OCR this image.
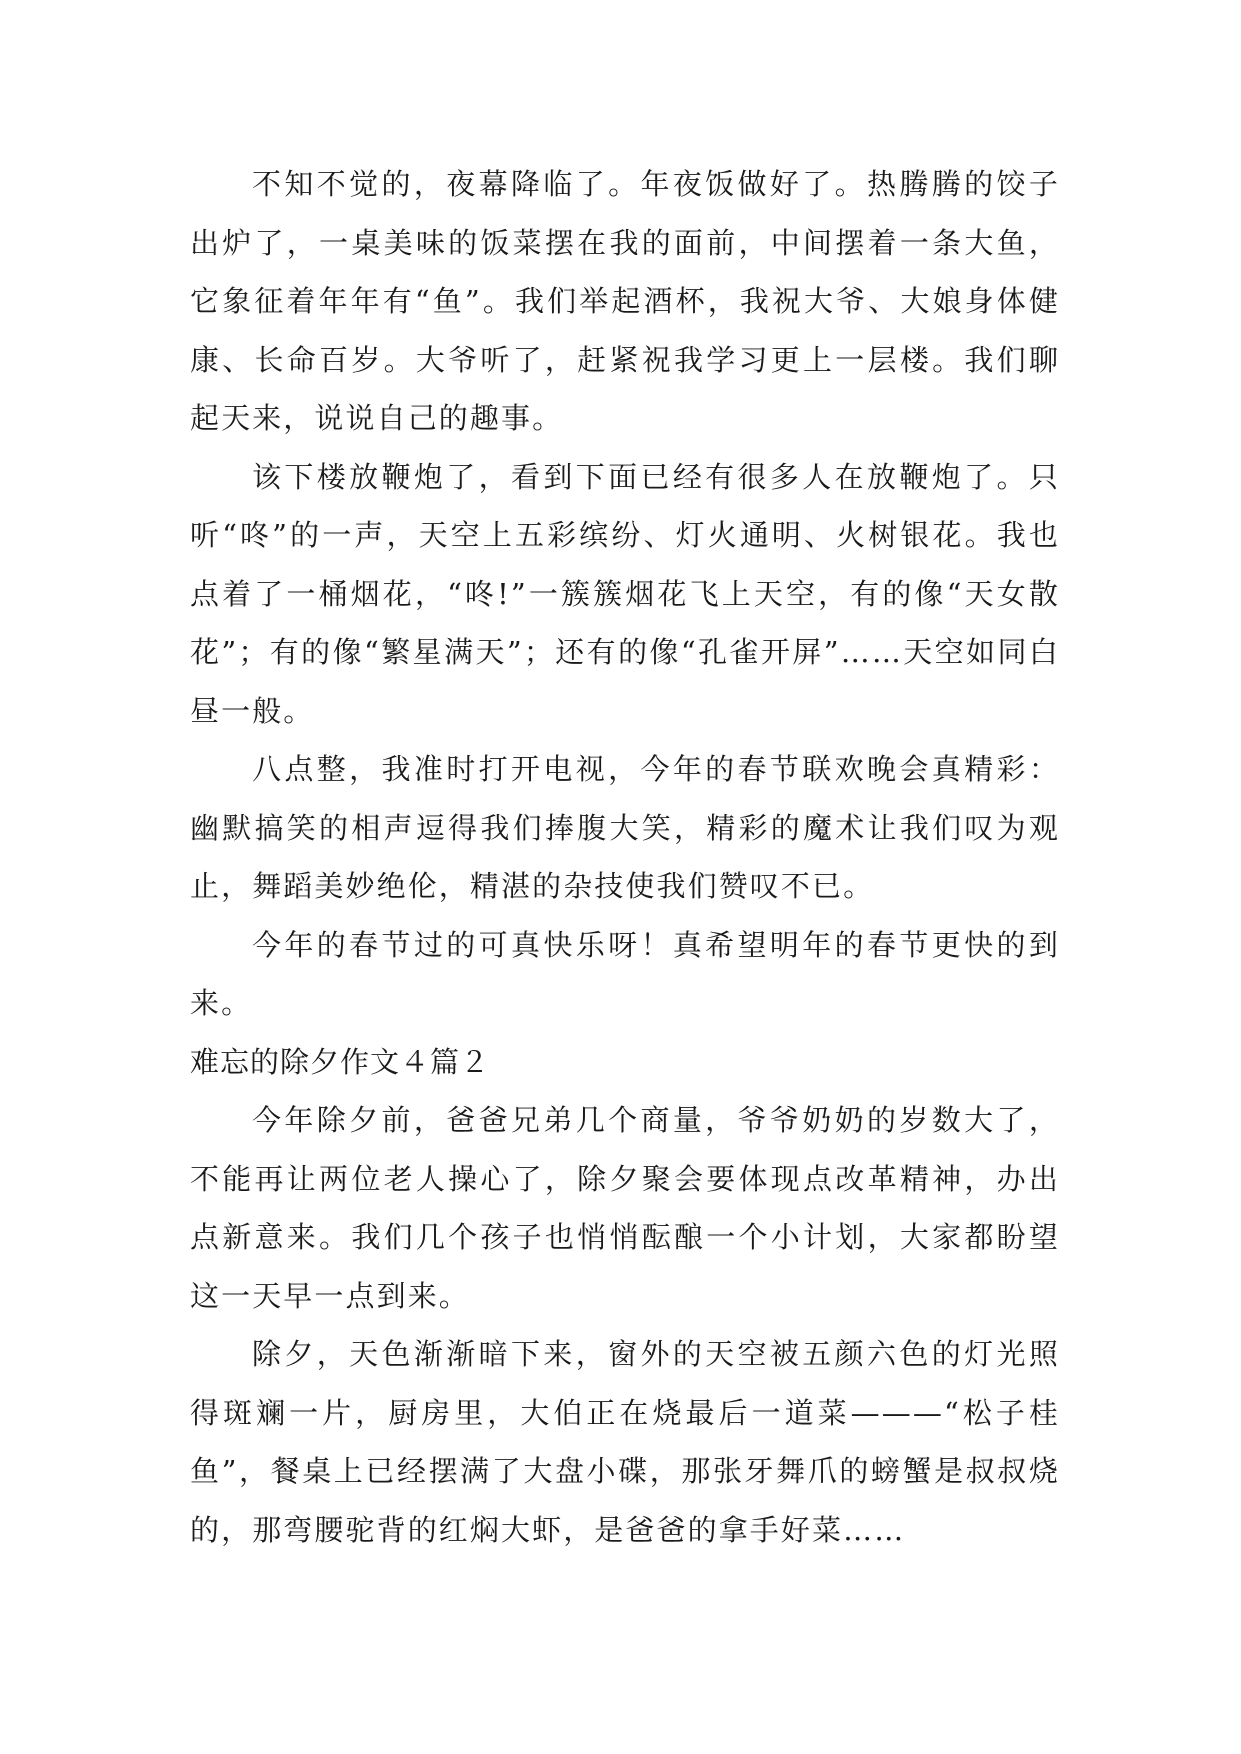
不知不觉的，夜幕降临了。年夜饭做好了。热腾腾的饺子出炉了，一桌美味的饭菜摆在我的面前，中间摆着一条大鱼，它象征着年年有“鱼”。我们举起酒杯，我祝大爷、大娘身体健康、长命百岁。大爷听了，赶紧祝我学习更上一层楼。我们聊起天来，说说自己的趣事。

该下楼放鞭炮了，看到下面已经有很多人在放鞭炮了。只听“咚”的一声，天空上五彩缤纷、灯火通明、火树银花。我也点着了一桶烟花，“咚!”一簇簇烟花飞上天空，有的像“天女散花”；有的像“繁星满天”；还有的像“孔雀开屏”……天空如同白昼一般。

八点整，我准时打开电视，今年的春节联欢晚会真精彩：幽默搞笑的相声逗得我们捧腹大笑，精彩的魔术让我们叹为观止，舞蹈美妙绝伦，精湛的杂技使我们赞叹不已。

今年的春节过的可真快乐呀！真希望明年的春节更快的到来。

难忘的除夕作文４篇２

今年除夕前，爸爸兄弟几个商量，爷爷奶奶的岁数大了，不能再让两位老人操心了，除夕聚会要体现点改革精神，办出点新意来。我们几个孩子也悄悄酝酿一个小计划，大家都盼望这一天早一点到来。

除夕，天色渐渐暗下来，窗外的天空被五颜六色的灯光照得斑斓一片，厨房里，大伯正在烧最后一道菜———“松子桂鱼”，餐桌上已经摆满了大盘小碟，那张牙舞爪的螃蟹是叔叔烧的，那弯腰驼背的红焖大虾，是爸爸的拿手好菜……
